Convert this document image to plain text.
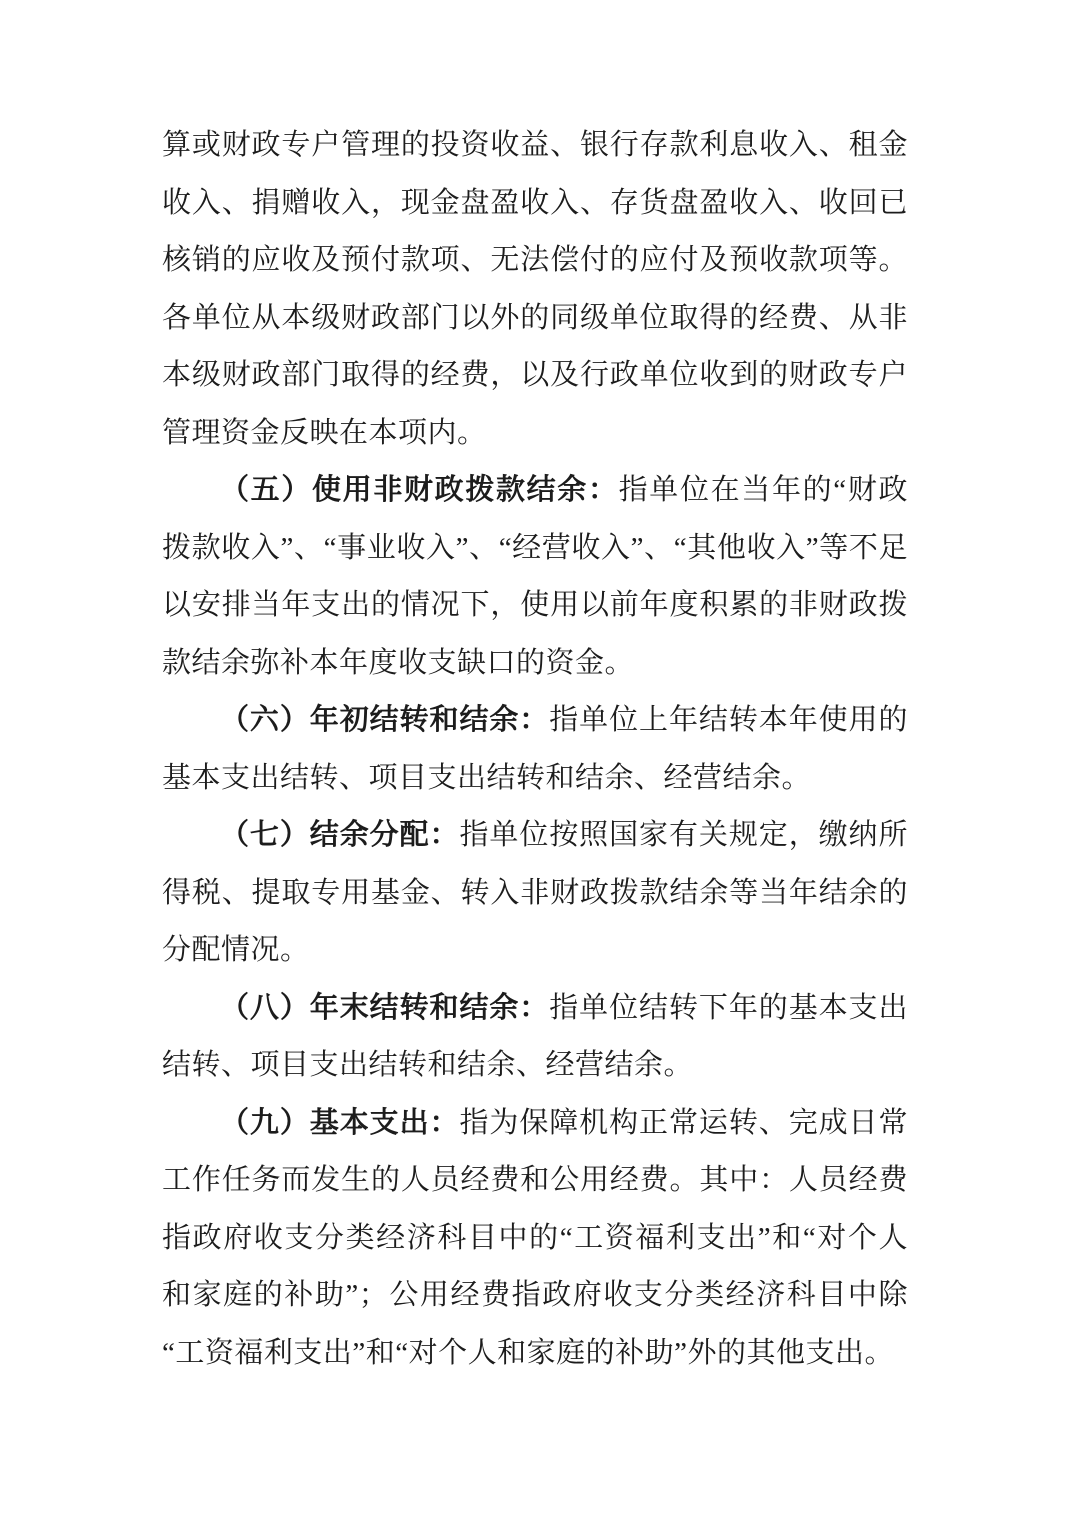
算或财政专户管理的投资收益、银行存款利息收入、租金收入、捐赠收入，现金盘盈收入、存货盘盈收入、收回已核销的应收及预付款项、无法偿付的应付及预收款项等。各单位从本级财政部门以外的同级单位取得的经费、从非本级财政部门取得的经费，以及行政单位收到的财政专户管理资金反映在本项内。

（五）使用非财政拨款结余：指单位在当年的“财政拨款收入”、“事业收入”、“经营收入”、“其他收入”等不足以安排当年支出的情况下，使用以前年度积累的非财政拨款结余弥补本年度收支缺口的资金。

（六）年初结转和结余：指单位上年结转本年使用的基本支出结转、项目支出结转和结余、经营结余。

（七）结余分配：指单位按照国家有关规定，缴纳所得税、提取专用基金、转入非财政拨款结余等当年结余的分配情况。

（八）年末结转和结余：指单位结转下年的基本支出结转、项目支出结转和结余、经营结余。

（九）基本支出：指为保障机构正常运转、完成日常工作任务而发生的人员经费和公用经费。其中：人员经费指政府收支分类经济科目中的“工资福利支出”和“对个人和家庭的补助”；公用经费指政府收支分类经济科目中除“工资福利支出”和“对个人和家庭的补助”外的其他支出。
